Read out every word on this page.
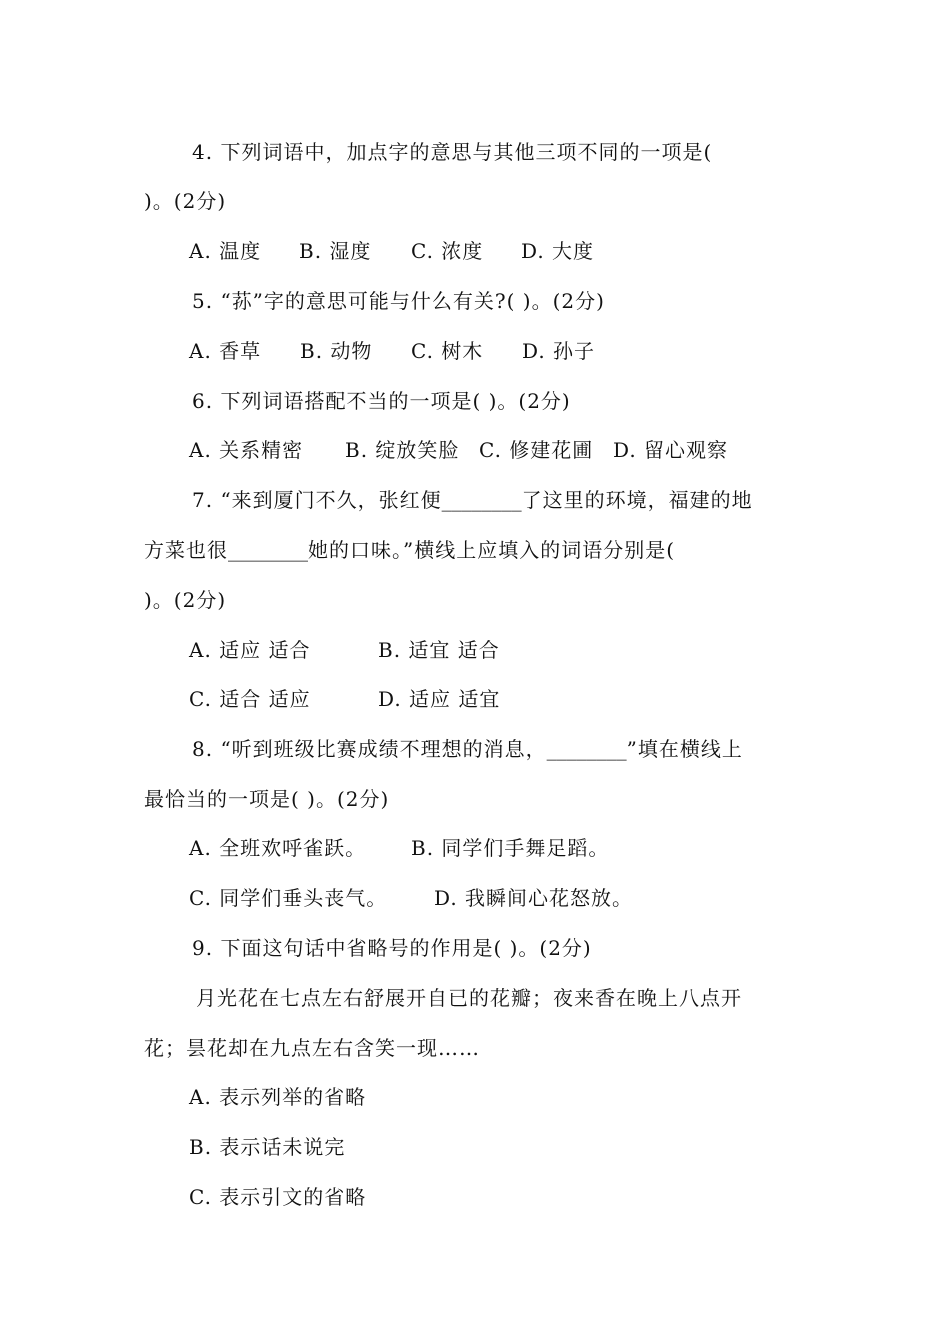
4. 下列词语中，加点字的意思与其他三项不同的一项是(
)。(2分)
A. 温度 B. 湿度 C. 浓度 D. 大度
5. “荪”字的意思可能与什么有关?( )。(2分)
A. 香草 B. 动物 C. 树木 D. 孙子
6. 下列词语搭配不当的一项是( )。(2分)
A. 关系精密 B. 绽放笑脸 C. 修建花圃 D. 留心观察
7. “来到厦门不久，张红便________了这里的环境，福建的地
方菜也很________她的口味。”横线上应填入的词语分别是(
)。(2分)
A. 适应 适合	B. 适宜 适合
C. 适合 适应	D. 适应 适宜
8. “听到班级比赛成绩不理想的消息，________”填在横线上
最恰当的一项是( )。(2分)
A. 全班欢呼雀跃。 B. 同学们手舞足蹈。
C. 同学们垂头丧气。 D. 我瞬间心花怒放。
9. 下面这句话中省略号的作用是( )。(2分)
月光花在七点左右舒展开自已的花瓣；夜来香在晚上八点开
花；昙花却在九点左右含笑一现……
A. 表示列举的省略
B. 表示话未说完
C. 表示引文的省略
